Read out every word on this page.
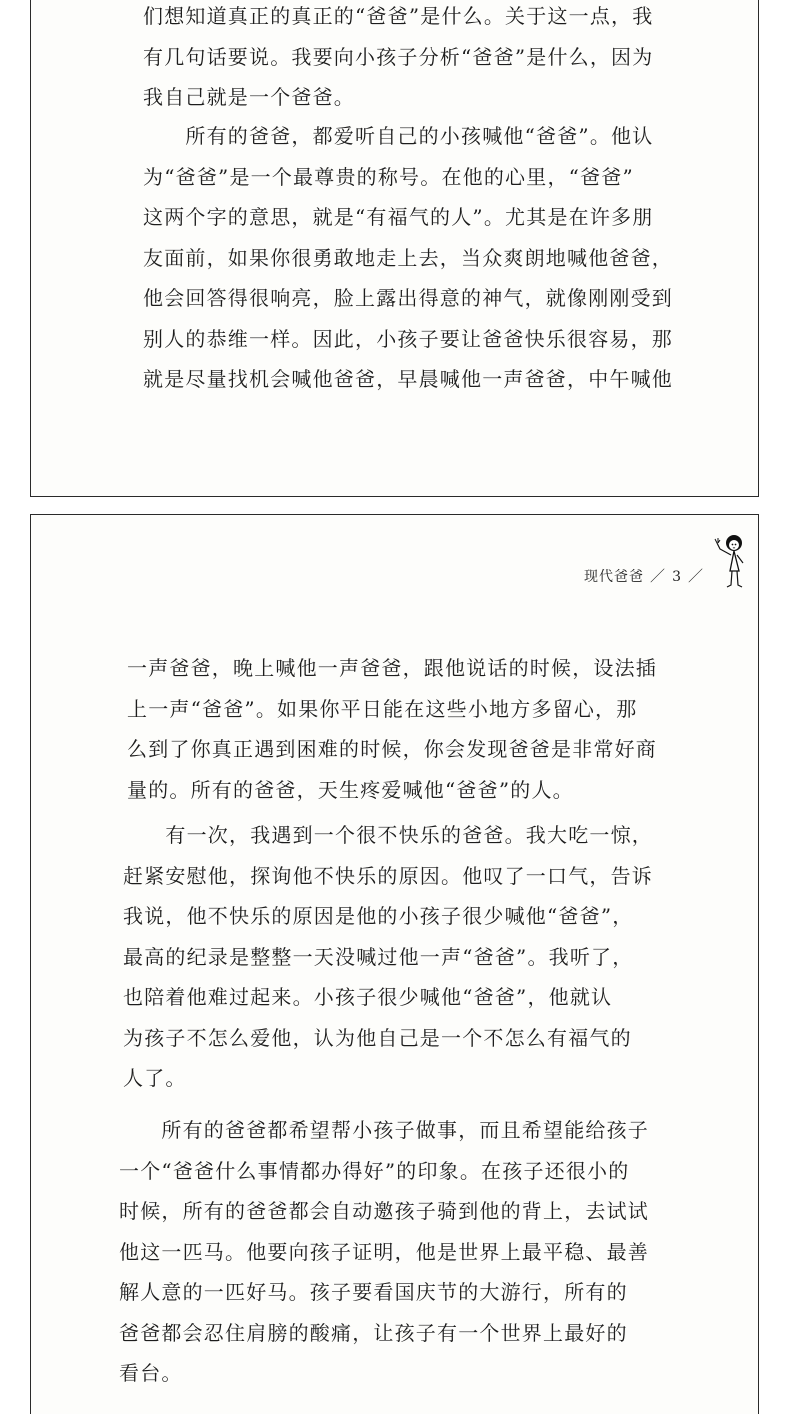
们想知道真正的真正的“爸爸”是什么。关于这一点，我
有几句话要说。我要向小孩子分析“爸爸”是什么，因为
我自己就是一个爸爸。
　　所有的爸爸，都爱听自己的小孩喊他“爸爸”。他认
为“爸爸”是一个最尊贵的称号。在他的心里，“爸爸”
这两个字的意思，就是“有福气的人”。尤其是在许多朋
友面前，如果你很勇敢地走上去，当众爽朗地喊他爸爸，
他会回答得很响亮，脸上露出得意的神气，就像刚刚受到
别人的恭维一样。因此，小孩子要让爸爸快乐很容易，那
就是尽量找机会喊他爸爸，早晨喊他一声爸爸，中午喊他
现代爸爸 ／ 3 ／
一声爸爸，晚上喊他一声爸爸，跟他说话的时候，设法插
上一声“爸爸”。如果你平日能在这些小地方多留心，那
么到了你真正遇到困难的时候，你会发现爸爸是非常好商
量的。所有的爸爸，天生疼爱喊他“爸爸”的人。
　　有一次，我遇到一个很不快乐的爸爸。我大吃一惊，
赶紧安慰他，探询他不快乐的原因。他叹了一口气，告诉
我说，他不快乐的原因是他的小孩子很少喊他“爸爸”，
最高的纪录是整整一天没喊过他一声“爸爸”。我听了，
也陪着他难过起来。小孩子很少喊他“爸爸”，他就认
为孩子不怎么爱他，认为他自己是一个不怎么有福气的
人了。
　　所有的爸爸都希望帮小孩子做事，而且希望能给孩子
一个“爸爸什么事情都办得好”的印象。在孩子还很小的
时候，所有的爸爸都会自动邀孩子骑到他的背上，去试试
他这一匹马。他要向孩子证明，他是世界上最平稳、最善
解人意的一匹好马。孩子要看国庆节的大游行，所有的
爸爸都会忍住肩膀的酸痛，让孩子有一个世界上最好的
看台。
